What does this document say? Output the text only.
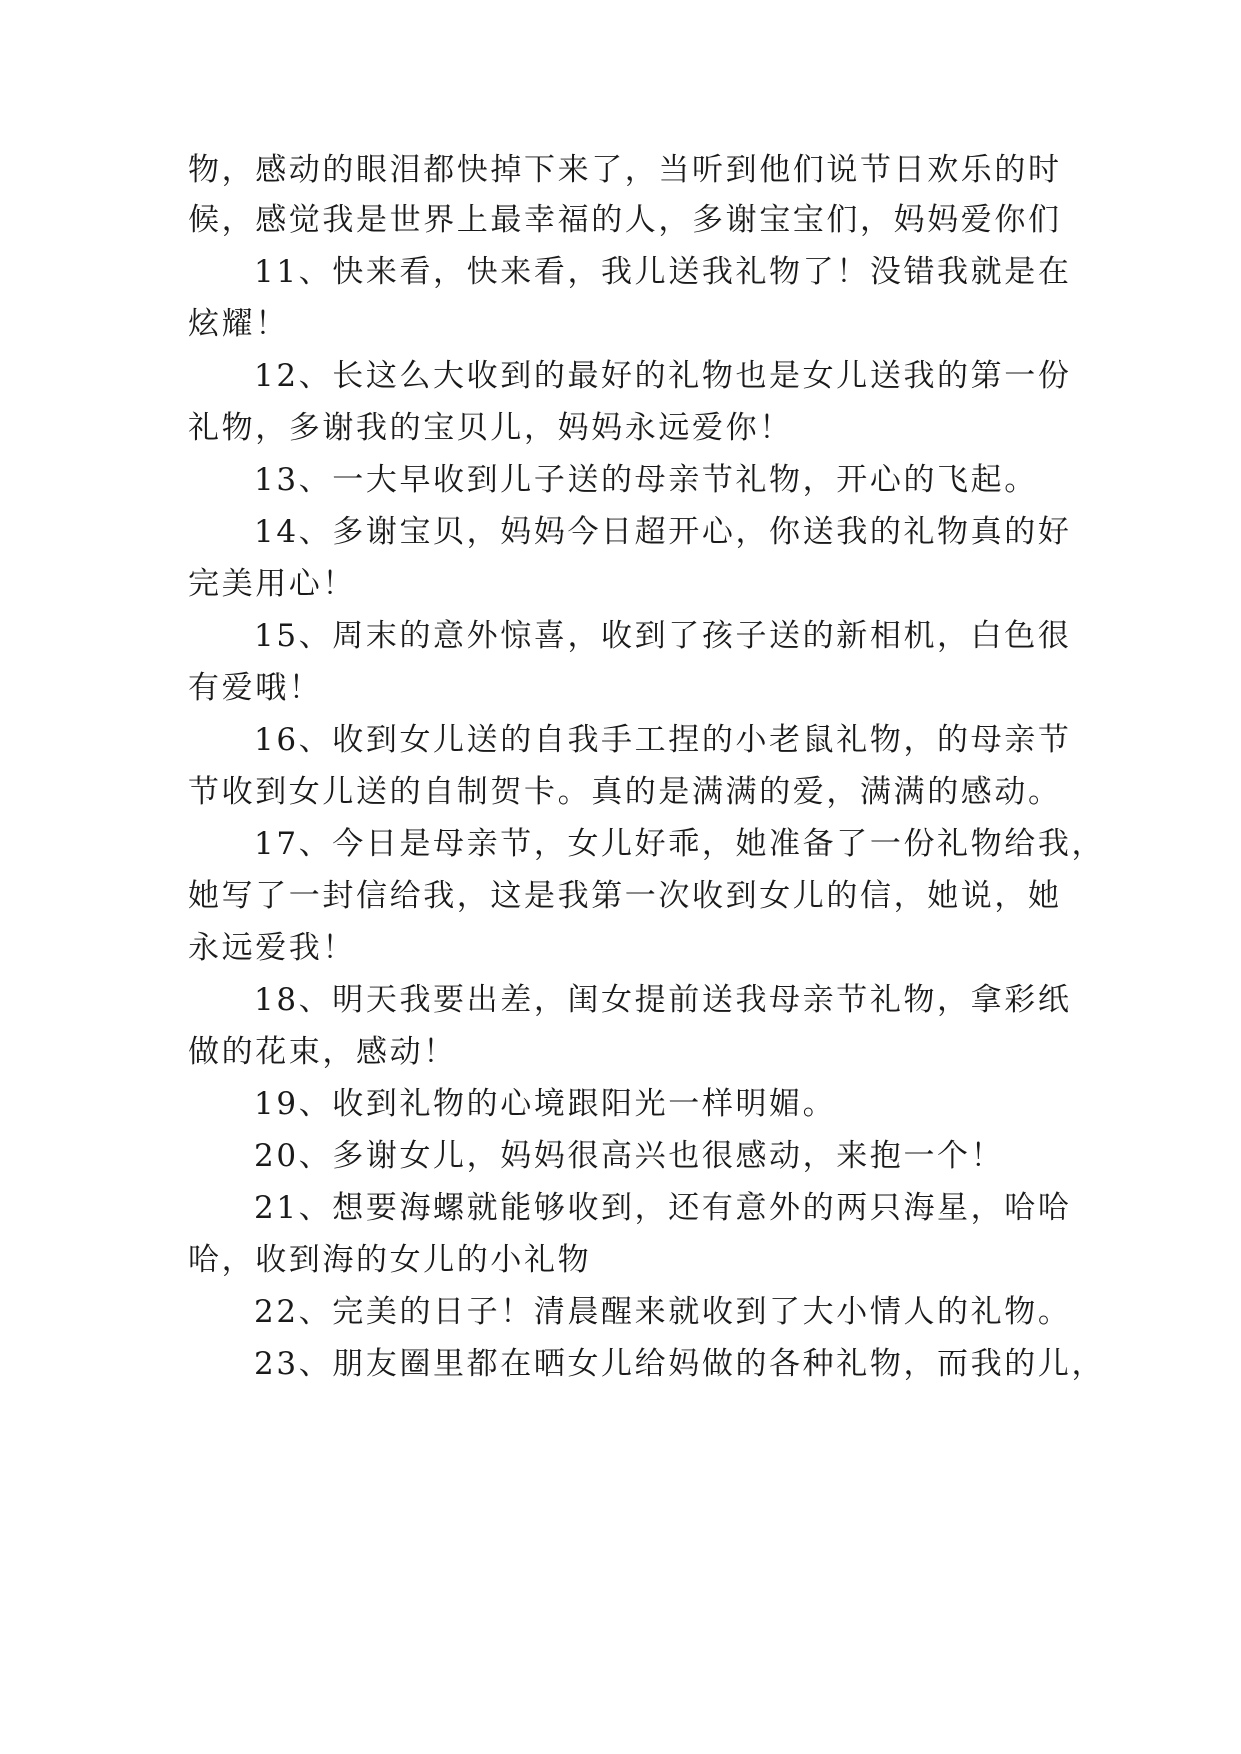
物，感动的眼泪都快掉下来了，当听到他们说节日欢乐的时
候，感觉我是世界上最幸福的人，多谢宝宝们，妈妈爱你们
11、快来看，快来看，我儿送我礼物了！没错我就是在
炫耀！
12、长这么大收到的最好的礼物也是女儿送我的第一份
礼物，多谢我的宝贝儿，妈妈永远爱你！
13、一大早收到儿子送的母亲节礼物，开心的飞起。
14、多谢宝贝，妈妈今日超开心，你送我的礼物真的好
完美用心！
15、周末的意外惊喜，收到了孩子送的新相机，白色很
有爱哦！
16、收到女儿送的自我手工捏的小老鼠礼物，的母亲节
节收到女儿送的自制贺卡。真的是满满的爱，满满的感动。
17、今日是母亲节，女儿好乖，她准备了一份礼物给我，
她写了一封信给我，这是我第一次收到女儿的信，她说，她
永远爱我！
18、明天我要出差，闺女提前送我母亲节礼物，拿彩纸
做的花束，感动！
19、收到礼物的心境跟阳光一样明媚。
20、多谢女儿，妈妈很高兴也很感动，来抱一个！
21、想要海螺就能够收到，还有意外的两只海星，哈哈
哈，收到海的女儿的小礼物
22、完美的日子！清晨醒来就收到了大小情人的礼物。
23、朋友圈里都在晒女儿给妈做的各种礼物，而我的儿，
